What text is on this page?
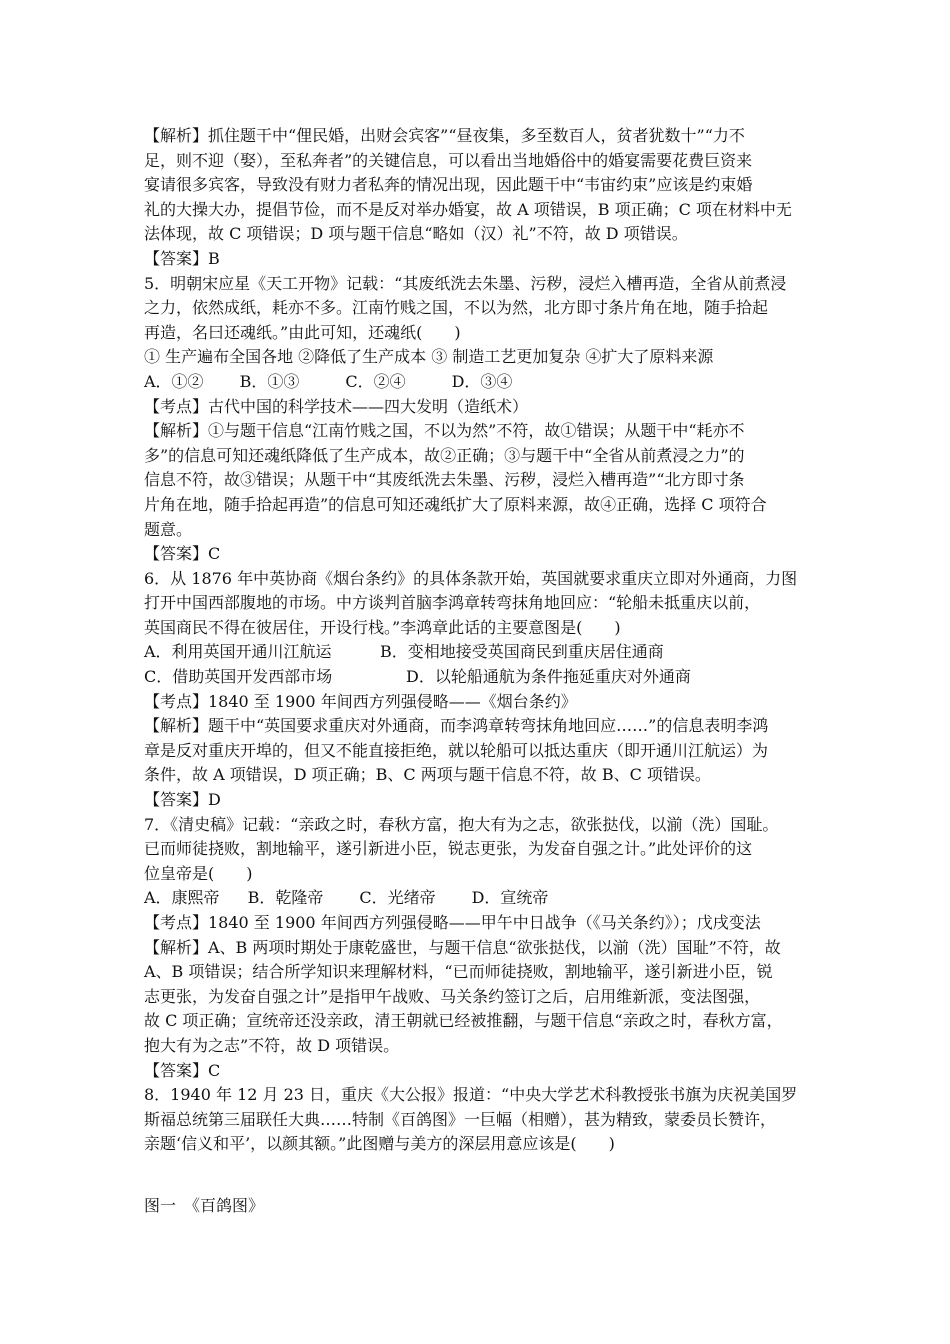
【解析】抓住题干中“俚民婚，出财会宾客”“昼夜集，多至数百人，贫者犹数十”“力不
足，则不迎（娶），至私奔者”的关键信息，可以看出当地婚俗中的婚宴需要花费巨资来
宴请很多宾客，导致没有财力者私奔的情况出现，因此题干中“韦宙约束”应该是约束婚
礼的大操大办，提倡节俭，而不是反对举办婚宴，故 A 项错误，B 项正确；C 项在材料中无
法体现，故 C 项错误；D 项与题干信息“略如（汉）礼”不符，故 D 项错误。
【答案】B
5．明朝宋应星《天工开物》记载：“其废纸洗去朱墨、污秽，浸烂入槽再造，全省从前煮浸
之力，依然成纸，耗亦不多。江南竹贱之国，不以为然，北方即寸条片角在地，随手拾起
再造，名曰还魂纸。”由此可知，还魂纸(　　)
① 生产遍布全国各地 ②降低了生产成本 ③ 制造工艺更加复杂 ④扩大了原料来源
A．①② B．①③	C．②④	D．③④
【考点】古代中国的科学技术——四大发明（造纸术）
【解析】①与题干信息“江南竹贱之国，不以为然”不符，故①错误；从题干中“耗亦不
多”的信息可知还魂纸降低了生产成本，故②正确；③与题干中“全省从前煮浸之力”的
信息不符，故③错误；从题干中“其废纸洗去朱墨、污秽，浸烂入槽再造”“北方即寸条
片角在地，随手拾起再造”的信息可知还魂纸扩大了原料来源，故④正确，选择 C 项符合
题意。
【答案】C
6．从 1876 年中英协商《烟台条约》的具体条款开始，英国就要求重庆立即对外通商，力图
打开中国西部腹地的市场。中方谈判首脑李鸿章转弯抹角地回应：“轮船未抵重庆以前，
英国商民不得在彼居住，开设行栈。”李鸿章此话的主要意图是(　　)
A．利用英国开通川江航运	B．变相地接受英国商民到重庆居住通商
C．借助英国开发西部市场	D．以轮船通航为条件拖延重庆对外通商
【考点】1840 至 1900 年间西方列强侵略——《烟台条约》
【解析】题干中“英国要求重庆对外通商，而李鸿章转弯抹角地回应……”的信息表明李鸿
章是反对重庆开埠的，但又不能直接拒绝，就以轮船可以抵达重庆（即开通川江航运）为
条件，故 A 项错误，D 项正确；B、C 两项与题干信息不符，故 B、C 项错误。
【答案】D
7．《清史稿》记载：“亲政之时，春秋方富，抱大有为之志，欲张挞伐，以湔（洗）国耻。
已而师徒挠败，割地输平，遂引新进小臣，锐志更张，为发奋自强之计。”此处评价的这
位皇帝是(　　)
A．康熙帝 B．乾隆帝 C．光绪帝 D．宣统帝
【考点】1840 至 1900 年间西方列强侵略——甲午中日战争（《马关条约》）；戊戌变法
【解析】A、B 两项时期处于康乾盛世，与题干信息“欲张挞伐，以湔（洗）国耻”不符，故
A、B 项错误；结合所学知识来理解材料，“已而师徒挠败，割地输平，遂引新进小臣，锐
志更张，为发奋自强之计”是指甲午战败、马关条约签订之后，启用维新派，变法图强，
故 C 项正确；宣统帝还没亲政，清王朝就已经被推翻，与题干信息“亲政之时，春秋方富，
抱大有为之志”不符，故 D 项错误。
【答案】C
8．1940 年 12 月 23 日，重庆《大公报》报道：“中央大学艺术科教授张书旗为庆祝美国罗
斯福总统第三届联任大典……特制《百鸽图》一巨幅（相赠），甚为精致，蒙委员长赞许，
亲题‘信义和平’，以颜其额。”此图赠与美方的深层用意应该是(　　)
图一　《百鸽图》
